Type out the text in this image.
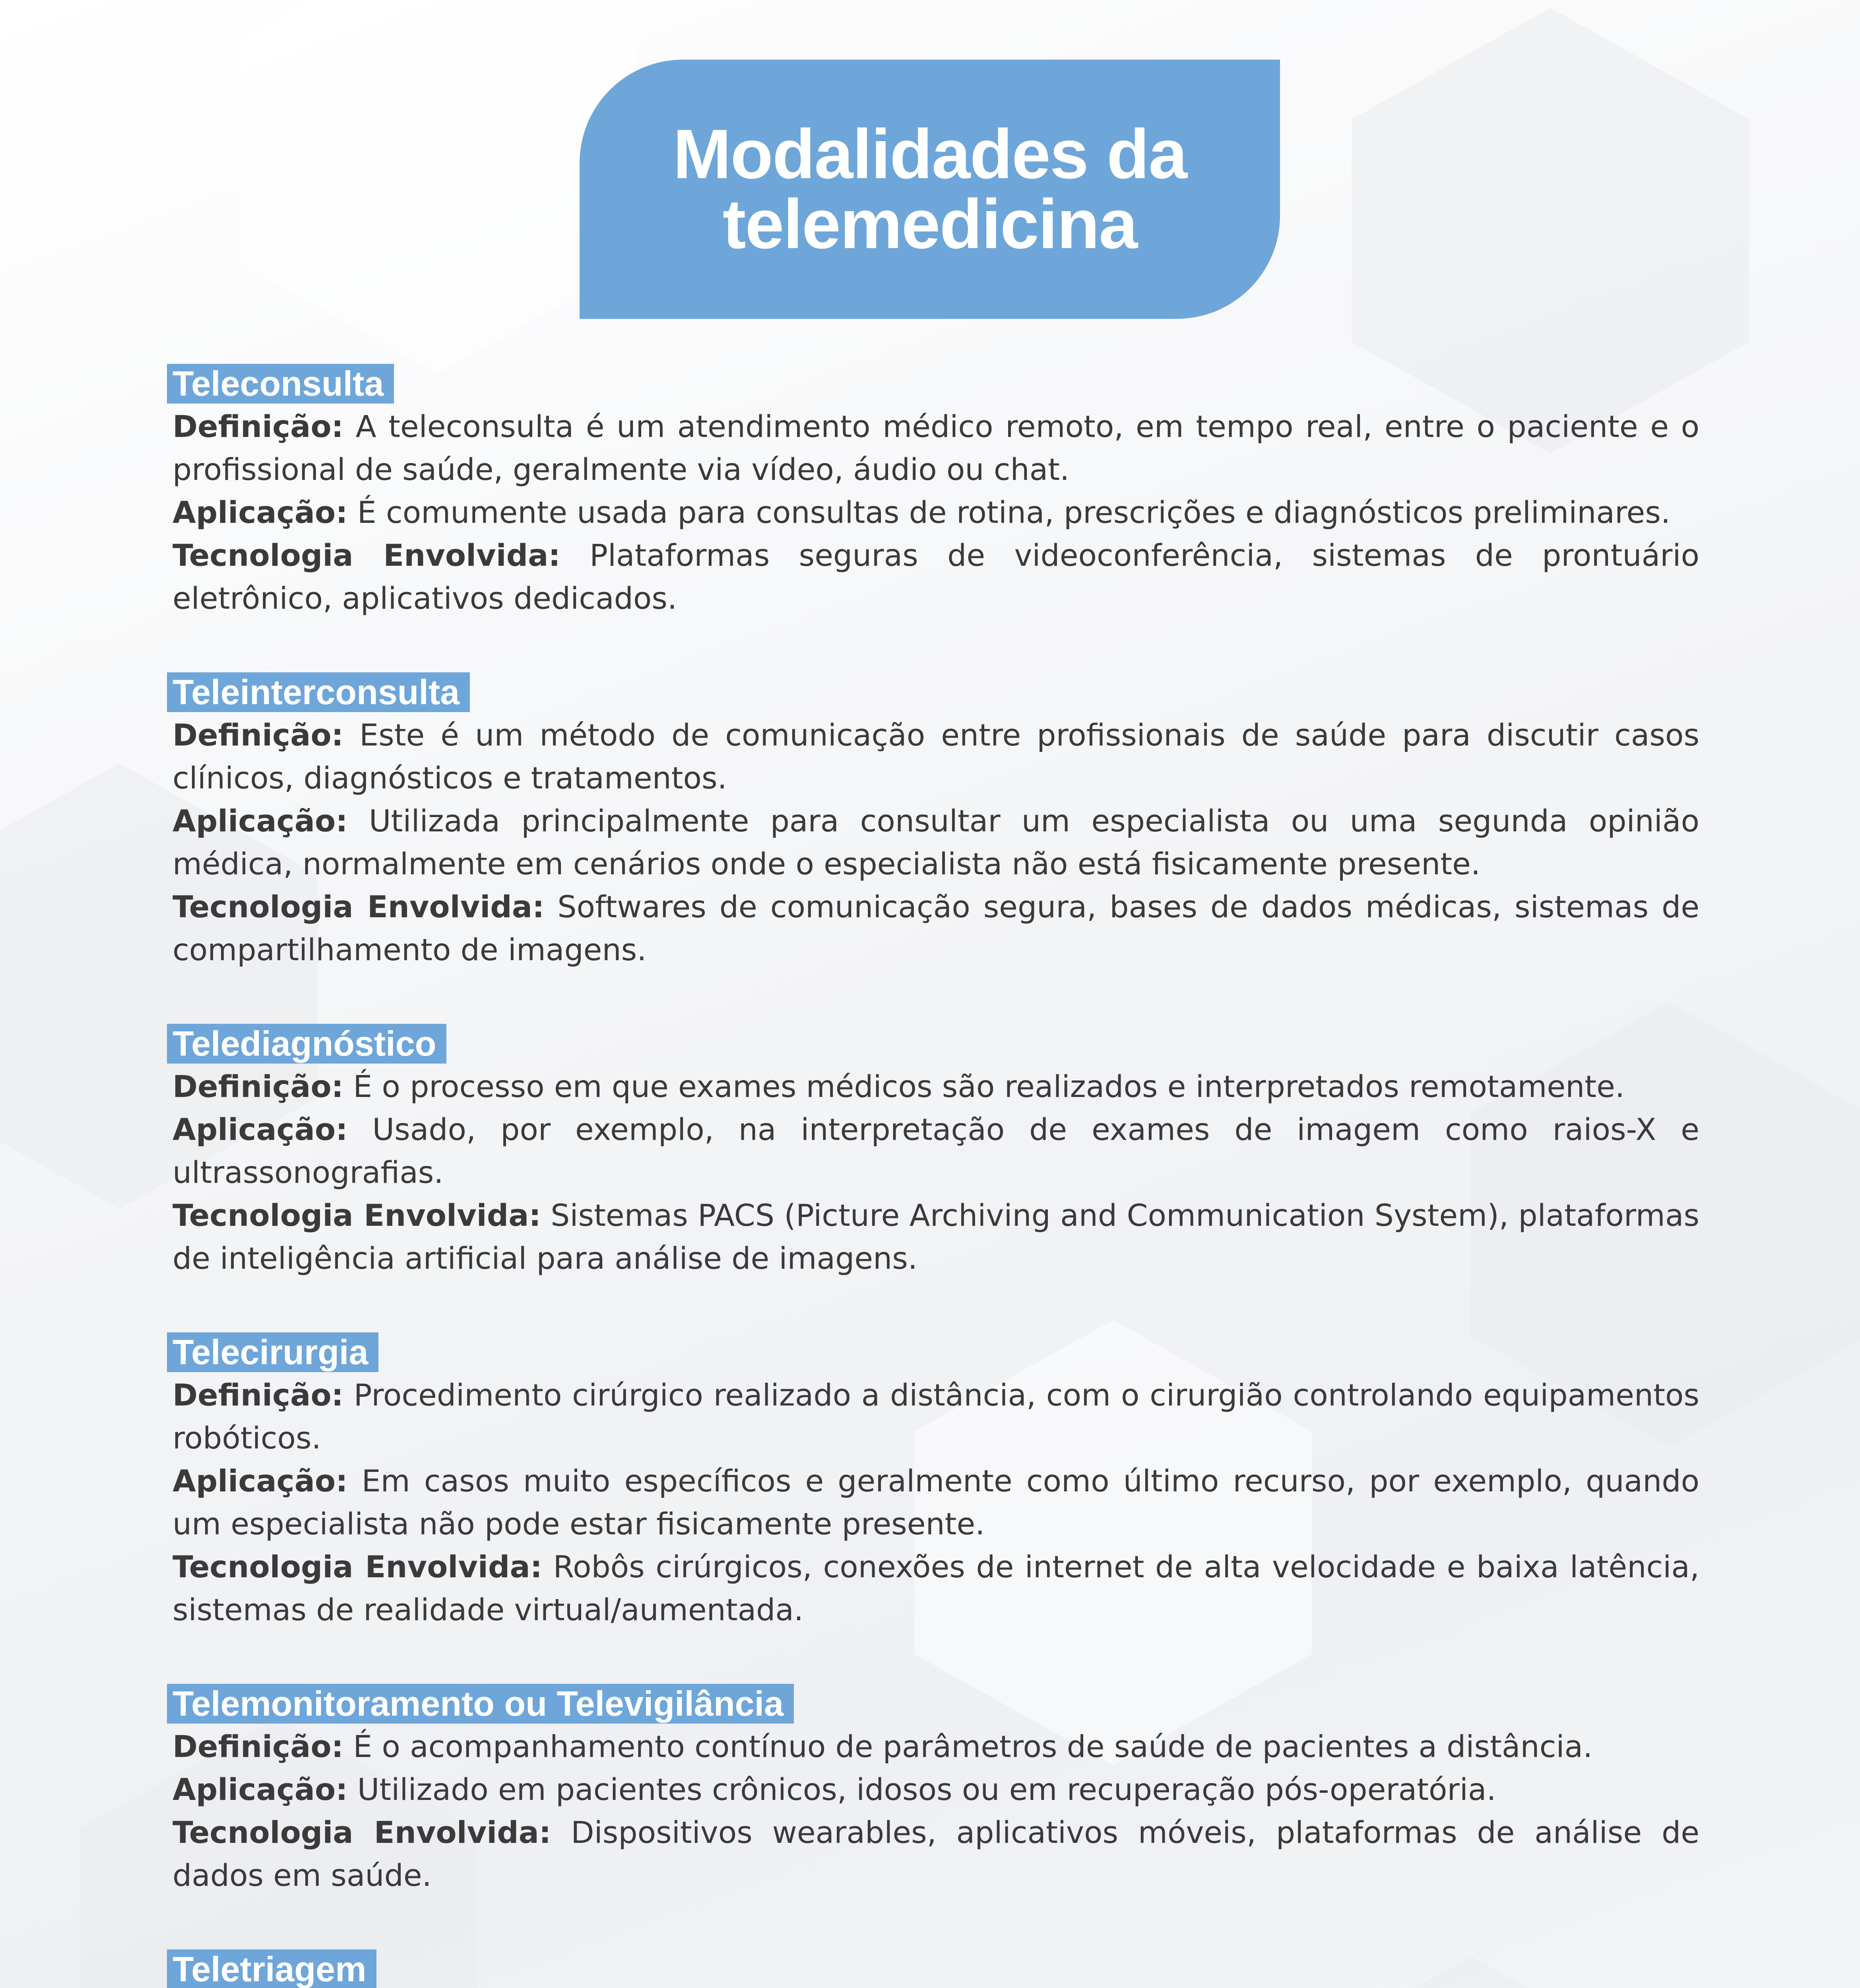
Modalidades da
telemedicina
Teleconsulta
Definição: A teleconsulta é um atendimento médico remoto, em tempo real, entre o paciente e o profissional de saúde, geralmente via vídeo, áudio ou chat.
Aplicação: É comumente usada para consultas de rotina, prescrições e diagnósticos preliminares.
Tecnologia Envolvida: Plataformas seguras de videoconferência, sistemas de prontuário eletrônico, aplicativos dedicados.
Teleinterconsulta
Definição: Este é um método de comunicação entre profissionais de saúde para discutir casos clínicos, diagnósticos e tratamentos.
Aplicação: Utilizada principalmente para consultar um especialista ou uma segunda opinião médica, normalmente em cenários onde o especialista não está fisicamente presente.
Tecnologia Envolvida: Softwares de comunicação segura, bases de dados médicas, sistemas de compartilhamento de imagens.
Telediagnóstico
Definição: É o processo em que exames médicos são realizados e interpretados remotamente.
Aplicação: Usado, por exemplo, na interpretação de exames de imagem como raios-X e ultrassonografias.
Tecnologia Envolvida: Sistemas PACS (Picture Archiving and Communication System), plataformas de inteligência artificial para análise de imagens.
Telecirurgia
Definição: Procedimento cirúrgico realizado a distância, com o cirurgião controlando equipamentos robóticos.
Aplicação: Em casos muito específicos e geralmente como último recurso, por exemplo, quando um especialista não pode estar fisicamente presente.
Tecnologia Envolvida: Robôs cirúrgicos, conexões de internet de alta velocidade e baixa latência, sistemas de realidade virtual/aumentada.
Telemonitoramento ou Televigilância
Definição: É o acompanhamento contínuo de parâmetros de saúde de pacientes a distância.
Aplicação: Utilizado em pacientes crônicos, idosos ou em recuperação pós-operatória.
Tecnologia Envolvida: Dispositivos wearables, aplicativos móveis, plataformas de análise de dados em saúde.
Teletriagem
